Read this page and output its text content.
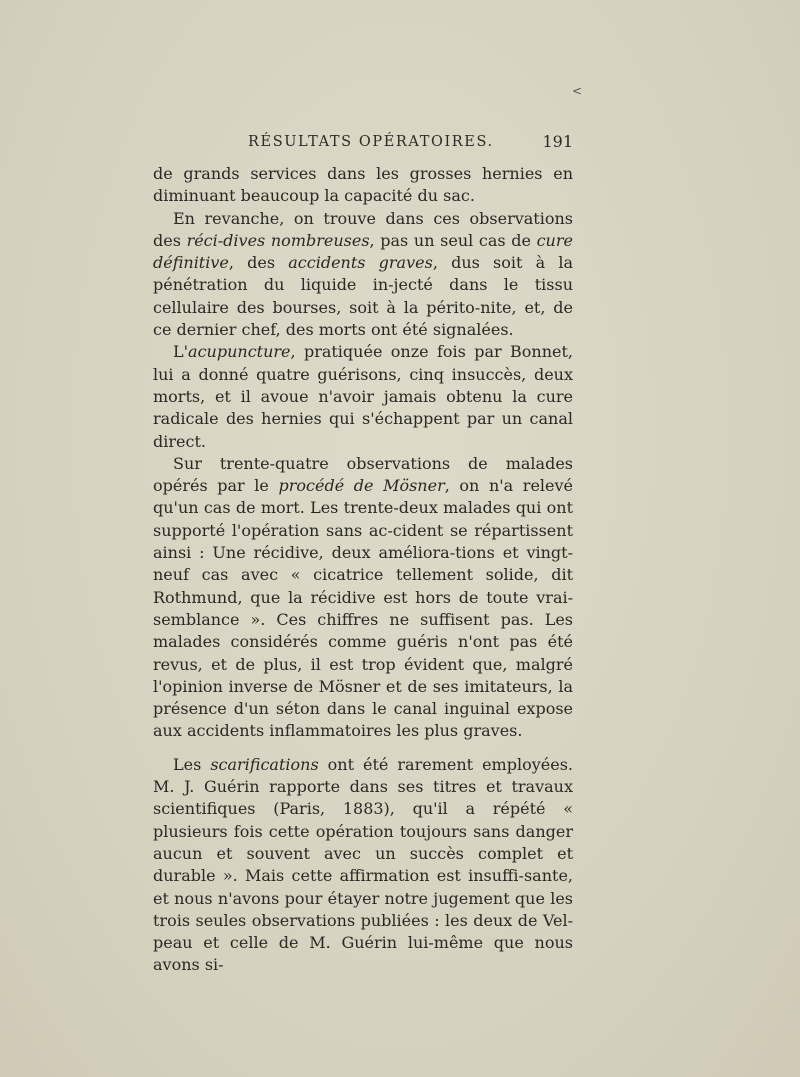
<
RÉSULTATS OPÉRATOIRES.	191

de grands services dans les grosses hernies en diminuant beaucoup la capacité du sac.

En revanche, on trouve dans ces observations des réci-dives nombreuses, pas un seul cas de cure définitive, des accidents graves, dus soit à la pénétration du liquide in-jecté dans le tissu cellulaire des bourses, soit à la périto-nite, et, de ce dernier chef, des morts ont été signalées.

L'acupuncture, pratiquée onze fois par Bonnet, lui a donné quatre guérisons, cinq insuccès, deux morts, et il avoue n'avoir jamais obtenu la cure radicale des hernies qui s'échappent par un canal direct.

Sur trente-quatre observations de malades opérés par le procédé de Mösner, on n'a relevé qu'un cas de mort. Les trente-deux malades qui ont supporté l'opération sans ac-cident se répartissent ainsi : Une récidive, deux améliora-tions et vingt-neuf cas avec « cicatrice tellement solide, dit Rothmund, que la récidive est hors de toute vrai-semblance ». Ces chiffres ne suffisent pas. Les malades considérés comme guéris n'ont pas été revus, et de plus, il est trop évident que, malgré l'opinion inverse de Mösner et de ses imitateurs, la présence d'un séton dans le canal inguinal expose aux accidents inflammatoires les plus graves.

Les scarifications ont été rarement employées. M. J. Guérin rapporte dans ses titres et travaux scientifiques (Paris, 1883), qu'il a répété « plusieurs fois cette opération toujours sans danger aucun et souvent avec un succès complet et durable ». Mais cette affirmation est insuffi-sante, et nous n'avons pour étayer notre jugement que les trois seules observations publiées : les deux de Vel-peau et celle de M. Guérin lui-même que nous avons si-
